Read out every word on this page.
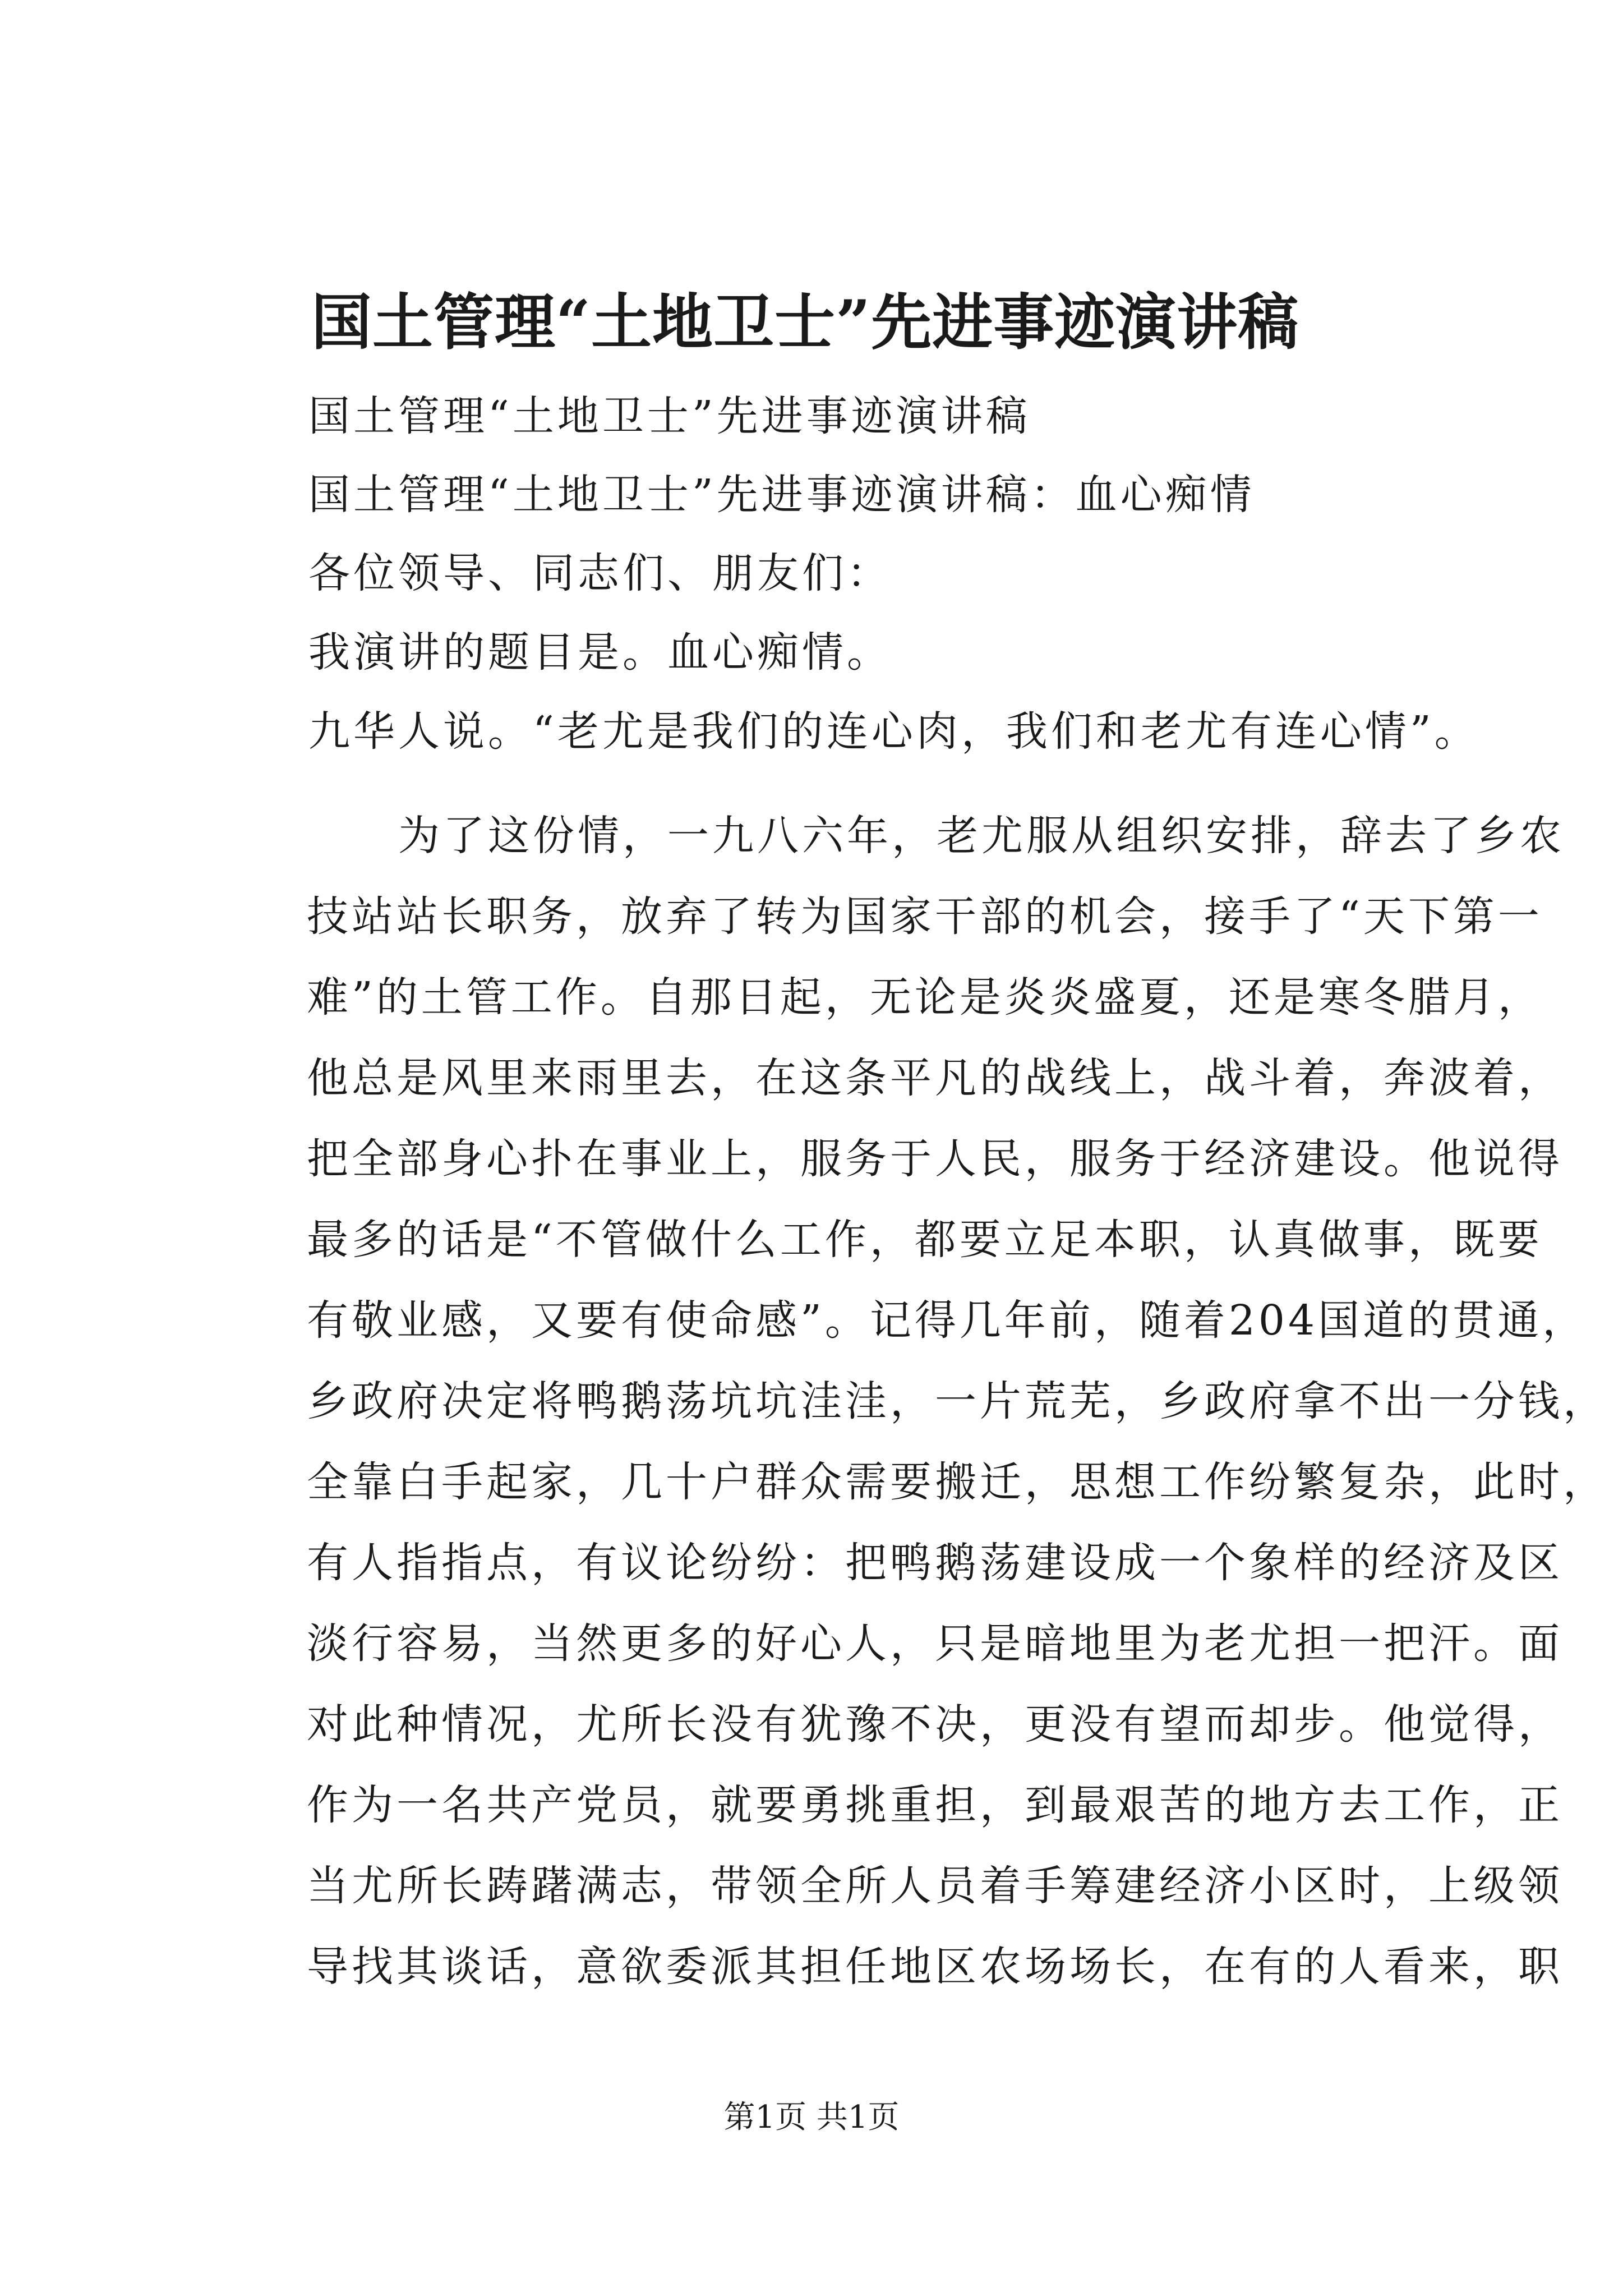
国土管理“土地卫士”先进事迹演讲稿

国土管理“土地卫士”先进事迹演讲稿

国土管理“土地卫士”先进事迹演讲稿：血心痴情

各位领导、同志们、朋友们：

我演讲的题目是。血心痴情。

九华人说。“老尤是我们的连心肉，我们和老尤有连心情”。

为了这份情，一九八六年，老尤服从组织安排，辞去了乡农
技站站长职务，放弃了转为国家干部的机会，接手了“天下第一
难”的土管工作。自那日起，无论是炎炎盛夏，还是寒冬腊月，
他总是风里来雨里去，在这条平凡的战线上，战斗着，奔波着，
把全部身心扑在事业上，服务于人民，服务于经济建设。他说得
最多的话是“不管做什么工作，都要立足本职，认真做事，既要
有敬业感，又要有使命感”。记得几年前，随着204国道的贯通，
乡政府决定将鸭鹅荡坑坑洼洼，一片荒芜，乡政府拿不出一分钱，
全靠白手起家，几十户群众需要搬迁，思想工作纷繁复杂，此时，
有人指指点，有议论纷纷：把鸭鹅荡建设成一个象样的经济及区
淡行容易，当然更多的好心人，只是暗地里为老尤担一把汗。面
对此种情况，尤所长没有犹豫不决，更没有望而却步。他觉得，
作为一名共产党员，就要勇挑重担，到最艰苦的地方去工作，正
当尤所长踌躇满志，带领全所人员着手筹建经济小区时，上级领
导找其谈话，意欲委派其担任地区农场场长，在有的人看来，职

第1页 共1页
